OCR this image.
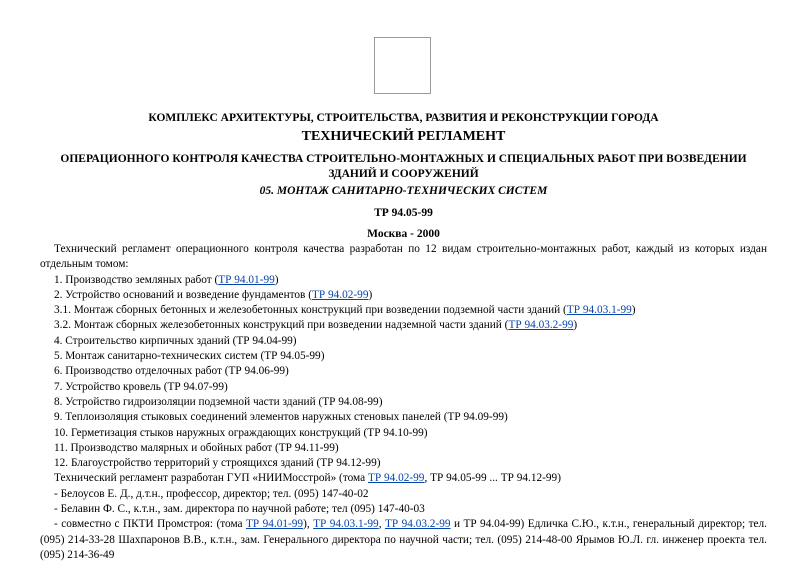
КОМПЛЕКС АРХИТЕКТУРЫ, СТРОИТЕЛЬСТВА, РАЗВИТИЯ И РЕКОНСТРУКЦИИ ГОРОДА
ТЕХНИЧЕСКИЙ РЕГЛАМЕНТ
ОПЕРАЦИОННОГО КОНТРОЛЯ КАЧЕСТВА СТРОИТЕЛЬНО-МОНТАЖНЫХ И СПЕЦИАЛЬНЫХ РАБОТ ПРИ ВОЗВЕДЕНИИ ЗДАНИЙ И СООРУЖЕНИЙ
05. МОНТАЖ САНИТАРНО-ТЕХНИЧЕСКИХ СИСТЕМ
ТР 94.05-99
Москва - 2000

Технический регламент операционного контроля качества разработан по 12 видам строительно-монтажных работ, каждый из которых издан отдельным томом:

1. Производство земляных работ (ТР 94.01-99)

2. Устройство оснований и возведение фундаментов (ТР 94.02-99)

3.1. Монтаж сборных бетонных и железобетонных конструкций при возведении подземной части зданий (ТР 94.03.1-99)

3.2. Монтаж сборных железобетонных конструкций при возведении надземной части зданий (ТР 94.03.2-99)

4. Строительство кирпичных зданий (ТР 94.04-99)

5. Монтаж санитарно-технических систем (ТР 94.05-99)

6. Производство отделочных работ (ТР 94.06-99)

7. Устройство кровель (ТР 94.07-99)

8. Устройство гидроизоляции подземной части зданий (ТР 94.08-99)

9. Теплоизоляция стыковых соединений элементов наружных стеновых панелей (ТР 94.09-99)

10. Герметизация стыков наружных ограждающих конструкций (ТР 94.10-99)

11. Производство малярных и обойных работ (ТР 94.11-99)

12. Благоустройство территорий у строящихся зданий (ТР 94.12-99)

Технический регламент разработан ГУП «НИИМосстрой» (тома ТР 94.02-99, ТР 94.05-99 ... ТР 94.12-99)

- Белоусов Е. Д., д.т.н., профессор, директор; тел. (095) 147-40-02

- Белавин Ф. С., к.т.н., зам. директора по научной работе; тел (095) 147-40-03

- совместно с ПКТИ Промстроя: (тома ТР 94.01-99), ТР 94.03.1-99, ТР 94.03.2-99 и ТР 94.04-99) Едличка С.Ю., к.т.н., генеральный директор; тел. (095) 214-33-28 Шахпаронов В.В., к.т.н., зам. Генерального директора по научной части; тел. (095) 214-48-00 Ярымов Ю.Л. гл. инженер проекта тел. (095) 214-36-49
